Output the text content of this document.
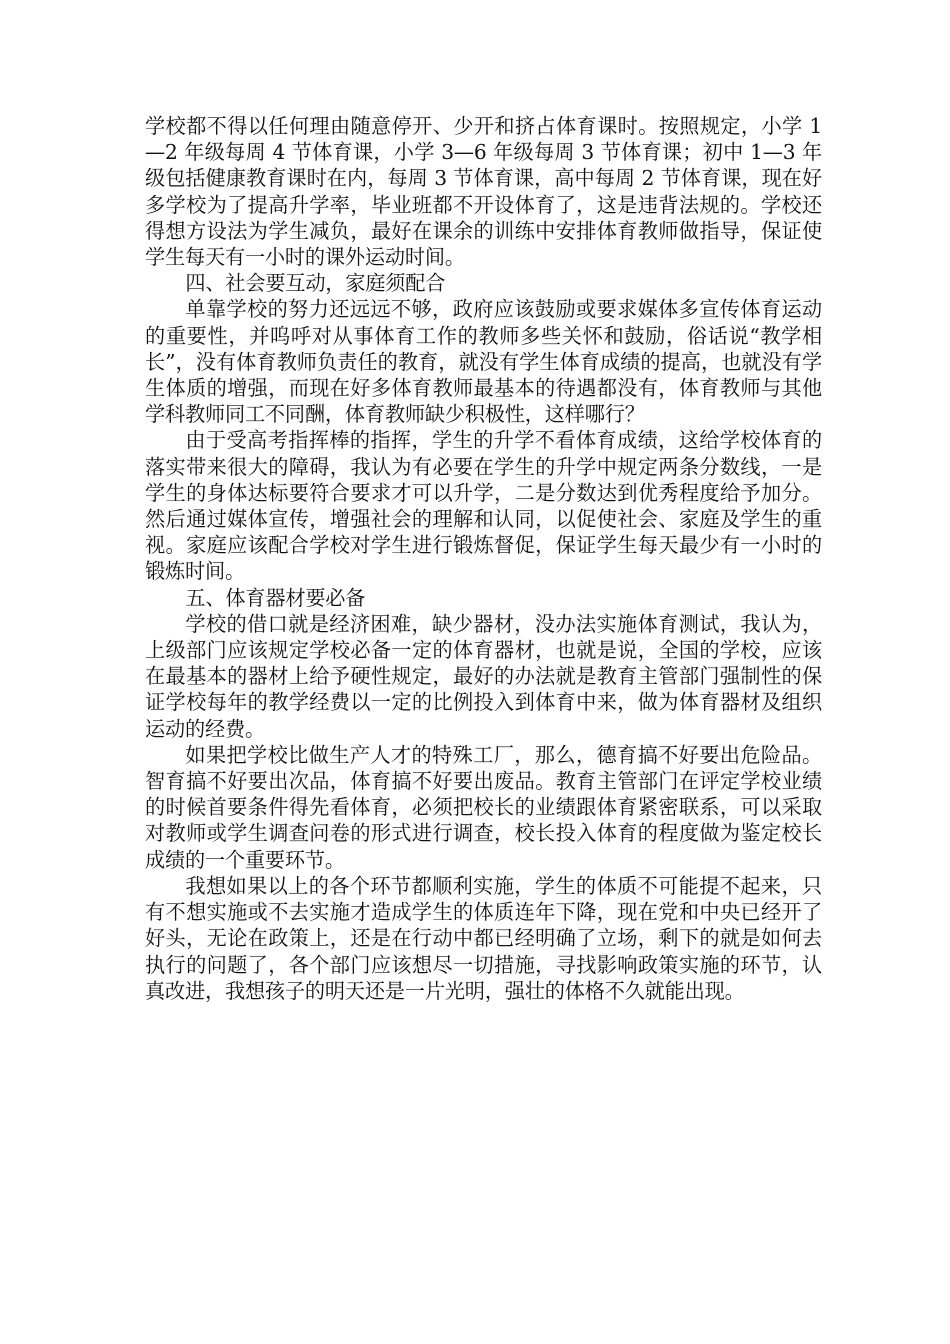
学校都不得以任何理由随意停开、少开和挤占体育课时。按照规定，小学 1—2 年级每周 4 节体育课，小学 3—6 年级每周 3 节体育课；初中 1—3 年级包括健康教育课时在内，每周 3 节体育课，高中每周 2 节体育课，现在好多学校为了提高升学率，毕业班都不开设体育了，这是违背法规的。学校还得想方设法为学生减负，最好在课余的训练中安排体育教师做指导，保证使学生每天有一小时的课外运动时间。

四、社会要互动，家庭须配合

单靠学校的努力还远远不够，政府应该鼓励或要求媒体多宣传体育运动的重要性，并呜呼对从事体育工作的教师多些关怀和鼓励，俗话说“教学相长”，没有体育教师负责任的教育，就没有学生体育成绩的提高，也就没有学生体质的增强，而现在好多体育教师最基本的待遇都没有，体育教师与其他学科教师同工不同酬，体育教师缺少积极性，这样哪行？

由于受高考指挥棒的指挥，学生的升学不看体育成绩，这给学校体育的落实带来很大的障碍，我认为有必要在学生的升学中规定两条分数线，一是学生的身体达标要符合要求才可以升学，二是分数达到优秀程度给予加分。然后通过媒体宣传，增强社会的理解和认同，以促使社会、家庭及学生的重视。家庭应该配合学校对学生进行锻炼督促，保证学生每天最少有一小时的锻炼时间。

五、体育器材要必备

学校的借口就是经济困难，缺少器材，没办法实施体育测试，我认为，上级部门应该规定学校必备一定的体育器材，也就是说，全国的学校，应该在最基本的器材上给予硬性规定，最好的办法就是教育主管部门强制性的保证学校每年的教学经费以一定的比例投入到体育中来，做为体育器材及组织运动的经费。

如果把学校比做生产人才的特殊工厂，那么，德育搞不好要出危险品。智育搞不好要出次品，体育搞不好要出废品。教育主管部门在评定学校业绩的时候首要条件得先看体育，必须把校长的业绩跟体育紧密联系，可以采取对教师或学生调查问卷的形式进行调查，校长投入体育的程度做为鉴定校长成绩的一个重要环节。

我想如果以上的各个环节都顺利实施，学生的体质不可能提不起来，只有不想实施或不去实施才造成学生的体质连年下降，现在党和中央已经开了好头，无论在政策上，还是在行动中都已经明确了立场，剩下的就是如何去执行的问题了，各个部门应该想尽一切措施，寻找影响政策实施的环节，认真改进，我想孩子的明天还是一片光明，强壮的体格不久就能出现。
